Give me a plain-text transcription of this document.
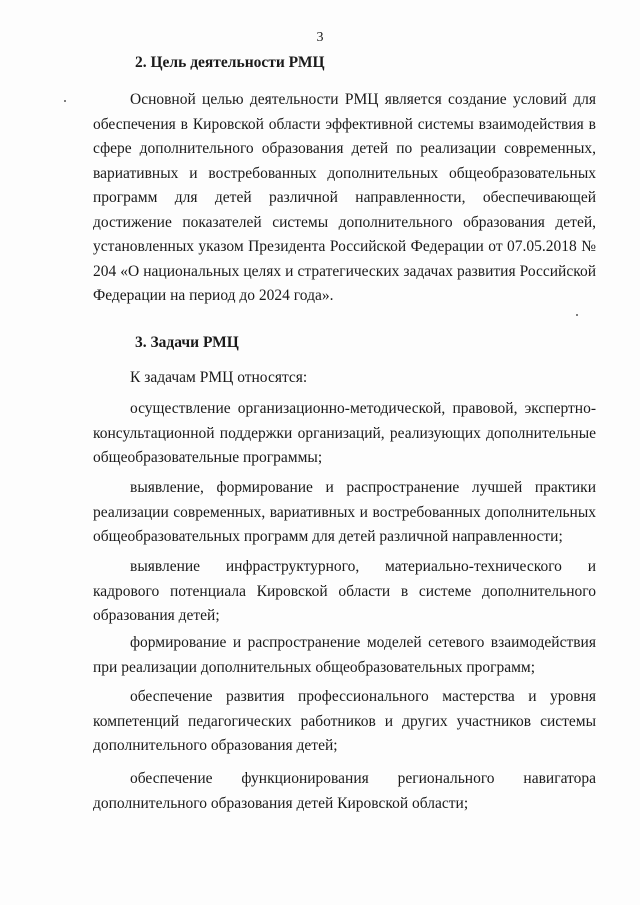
3
2. Цель деятельности РМЦ

Основной целью деятельности РМЦ является создание условий для обеспечения в Кировской области эффективной системы взаимодействия в сфере дополнительного образования детей по реализации современных, вариативных и востребованных дополнительных общеобразовательных программ для детей различной направленности, обеспечивающей достижение показателей системы дополнительного образования детей, установленных указом Президента Российской Федерации от 07.05.2018 № 204 «О национальных целях и стратегических задачах развития Российской Федерации на период до 2024 года».

3. Задачи РМЦ

К задачам РМЦ относятся:

осуществление организационно-методической, правовой, экспертно-консультационной поддержки организаций, реализующих дополнительные общеобразовательные программы;

выявление, формирование и распространение лучшей практики реализации современных, вариативных и востребованных дополнительных общеобразовательных программ для детей различной направленности;

выявление инфраструктурного, материально-технического и кадрового потенциала Кировской области в системе дополнительного образования детей;

формирование и распространение моделей сетевого взаимодействия при реализации дополнительных общеобразовательных программ;

обеспечение развития профессионального мастерства и уровня компетенций педагогических работников и других участников системы дополнительного образования детей;

обеспечение функционирования регионального навигатора дополнительного образования детей Кировской области;
